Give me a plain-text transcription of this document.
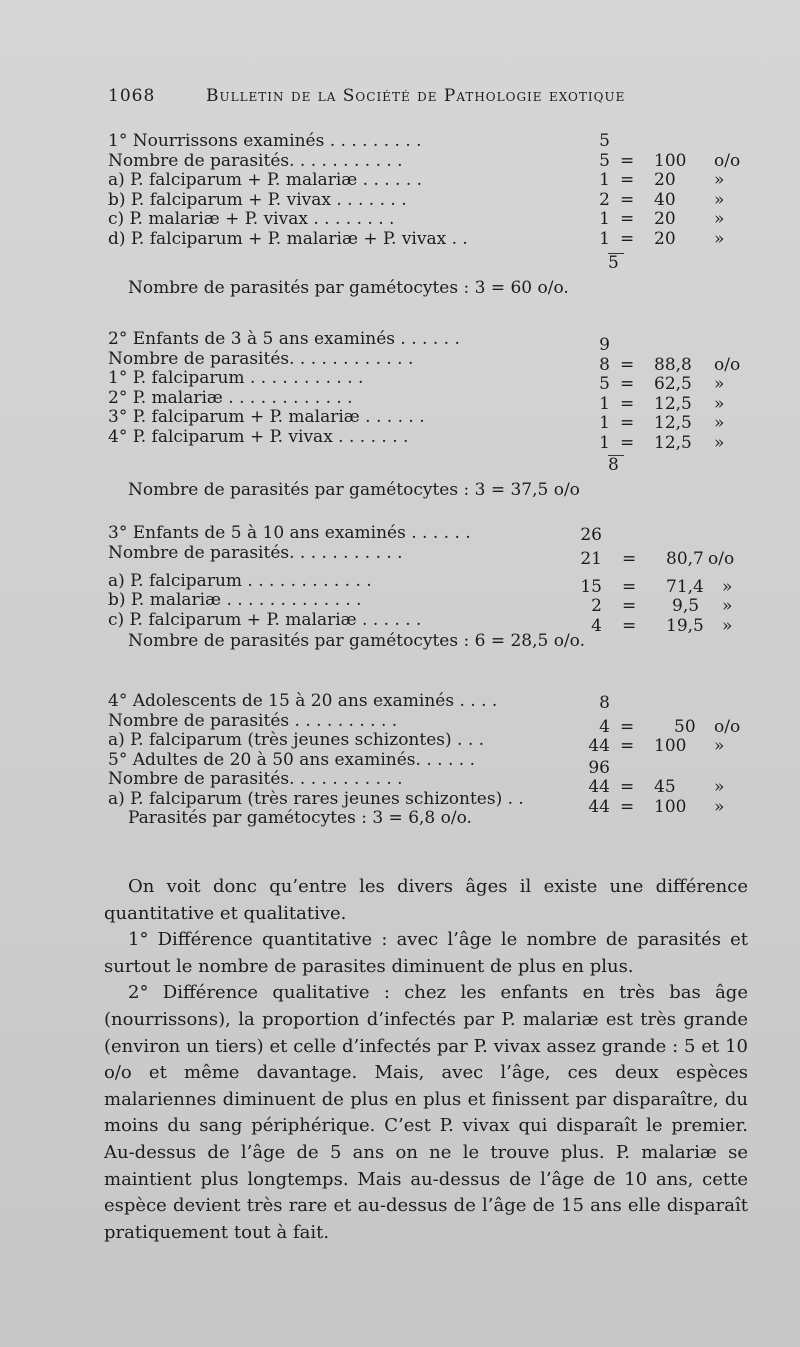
1068	Bulletin de la Société de Pathologie exotique
1° Nourrissons examinés . . . . . . . . .	5
Nombre de parasités. . . . . . . . . . .	5 = 100 o/o
a) P. falciparum + P. malariæ . . . . . .	1 = 20 »
b) P. falciparum + P. vivax . . . . . . .	2 = 40 »
c) P. malariæ + P. vivax . . . . . . . .	1 = 20 »
d) P. falciparum + P. malariæ + P. vivax . .	1 = 20 »
5
Nombre de parasités par gamétocytes : 3 = 60 o/o.
2° Enfants de 3 à 5 ans examinés . . . . . .	9
Nombre de parasités. . . . . . . . . . . .	8 = 88,8 o/o
1° P. falciparum . . . . . . . . . . .	5 = 62,5 »
2° P. malariæ . . . . . . . . . . . .	1 = 12,5 »
3° P. falciparum + P. malariæ . . . . . .	1 = 12,5 »
4° P. falciparum + P. vivax . . . . . . .	1 = 12,5 »
8
Nombre de parasités par gamétocytes : 3 = 37,5 o/o
3° Enfants de 5 à 10 ans examinés . . . . . .	26
Nombre de parasités. . . . . . . . . . .	21 = 80,7 o/o
a) P. falciparum . . . . . . . . . . . .	15 = 71,4 »
b) P. malariæ . . . . . . . . . . . . .	2 = 9,5 »
c) P. falciparum + P. malariæ . . . . . .	4 = 19,5 »
Nombre de parasités par gamétocytes : 6 = 28,5 o/o.
4° Adolescents de 15 à 20 ans examinés . . . .	8
Nombre de parasités . . . . . . . . . .	4 = 50 o/o
a) P. falciparum (très jeunes schizontes) . . .	44 = 100 »
5° Adultes de 20 à 50 ans examinés. . . . . .	96
Nombre de parasités. . . . . . . . . . .	44 = 45 »
a) P. falciparum (très rares jeunes schizontes) . .	44 = 100 »
Parasités par gamétocytes : 3 = 6,8 o/o.

On voit donc qu’entre les divers âges il existe une différence quantitative et qualitative.

1° Différence quantitative : avec l’âge le nombre de parasités et surtout le nombre de parasites diminuent de plus en plus.

2° Différence qualitative : chez les enfants en très bas âge (nourrissons), la proportion d’infectés par P. malariæ est très grande (environ un tiers) et celle d’infectés par P. vivax assez grande : 5 et 10 o/o et même davantage. Mais, avec l’âge, ces deux espèces malariennes diminuent de plus en plus et finissent par disparaître, du moins du sang périphérique. C’est P. vivax qui disparaît le premier. Au-dessus de l’âge de 5 ans on ne le trouve plus. P. malariæ se maintient plus longtemps. Mais au-dessus de l’âge de 10 ans, cette espèce devient très rare et au-dessus de l’âge de 15 ans elle disparaît pratiquement tout à fait.
